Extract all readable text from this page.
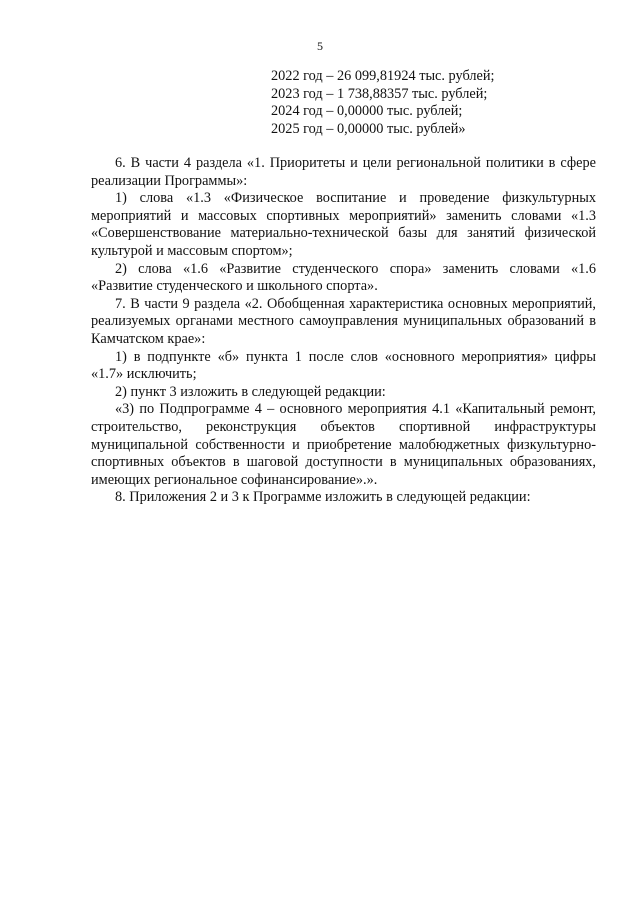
5
2022 год – 26 099,81924 тыс. рублей;
2023 год – 1 738,88357 тыс. рублей;
2024 год – 0,00000 тыс. рублей;
2025 год – 0,00000 тыс. рублей»

6. В части 4 раздела «1. Приоритеты и цели региональной политики в сфере реализации Программы»:

1) слова «1.3 «Физическое воспитание и проведение физкультурных мероприятий и массовых спортивных мероприятий» заменить словами «1.3 «Совершенствование материально-технической базы для занятий физической культурой и массовым спортом»;

2) слова «1.6 «Развитие студенческого спора» заменить словами «1.6 «Развитие студенческого и школьного спорта».

7. В части 9 раздела «2. Обобщенная характеристика основных мероприятий, реализуемых органами местного самоуправления муниципальных образований в Камчатском крае»:

1) в подпункте «б» пункта 1 после слов «основного мероприятия» цифры «1.7» исключить;

2) пункт 3 изложить в следующей редакции:

«3) по Подпрограмме 4 – основного мероприятия 4.1 «Капитальный ремонт, строительство, реконструкция объектов спортивной инфраструктуры муниципальной собственности и приобретение малобюджетных физкультурно-спортивных объектов в шаговой доступности в муниципальных образованиях, имеющих региональное софинансирование».».

8. Приложения 2 и 3 к Программе изложить в следующей редакции:
